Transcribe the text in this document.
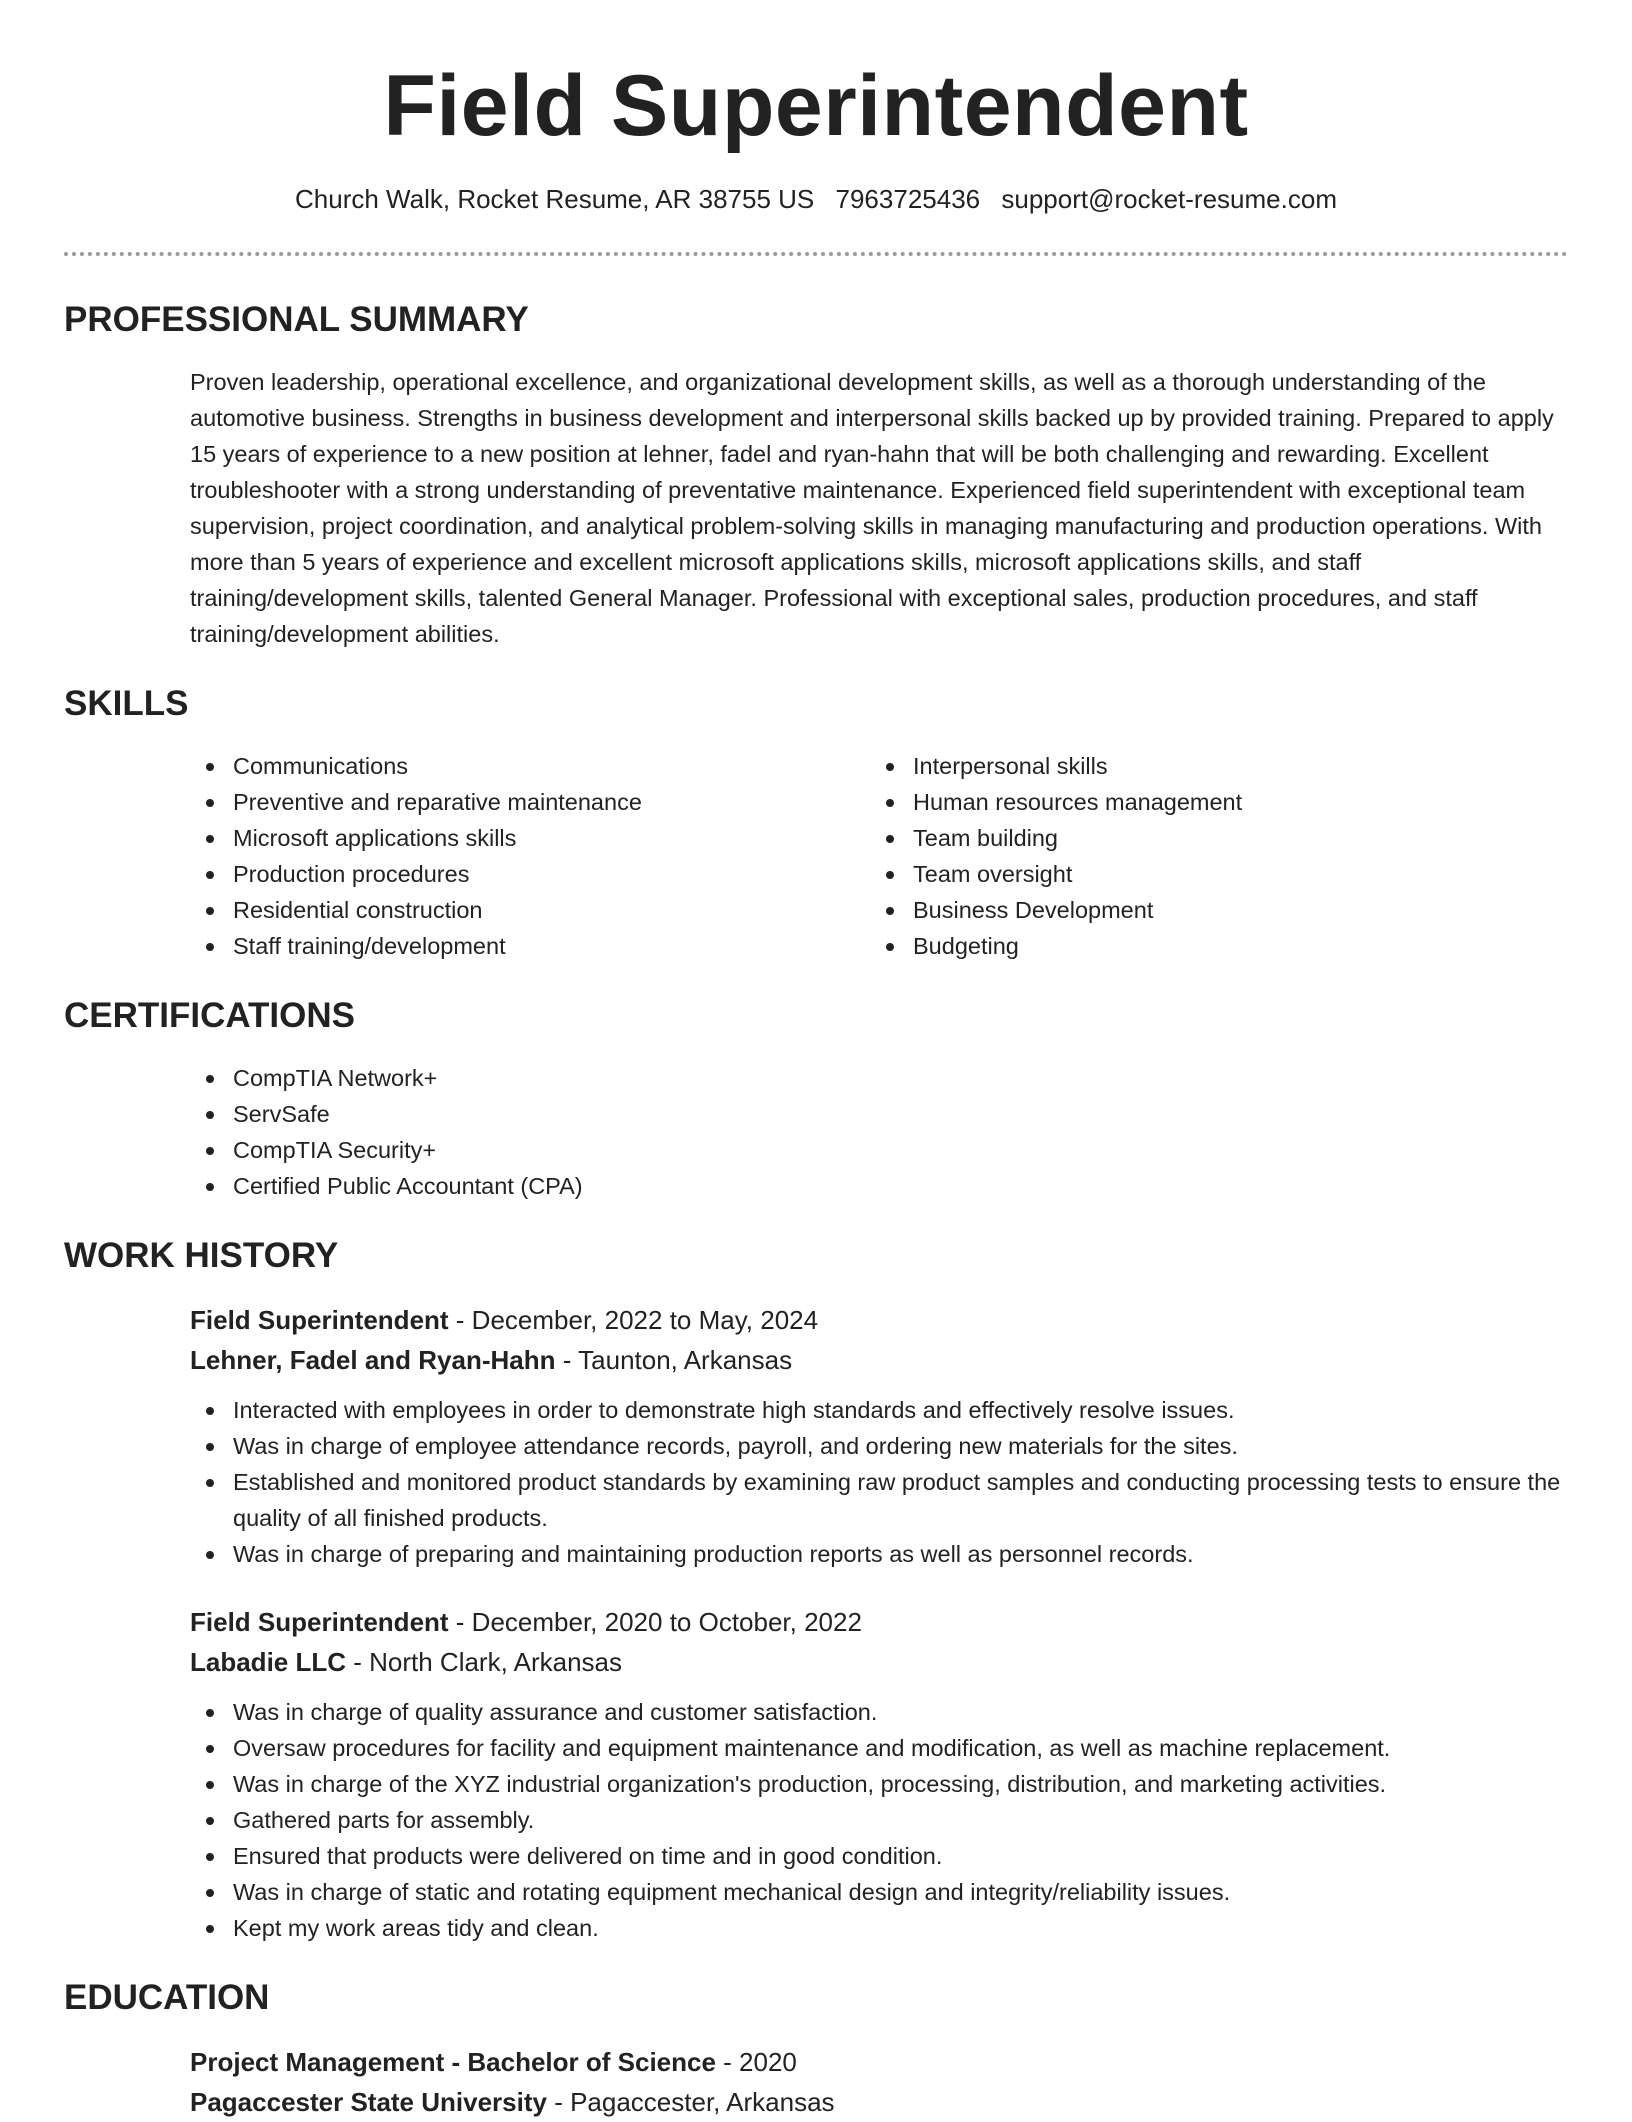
Field Superintendent
Church Walk, Rocket Resume, AR 38755 US 7963725436 support@rocket-resume.com
PROFESSIONAL SUMMARY
Proven leadership, operational excellence, and organizational development skills, as well as a thorough understanding of the automotive business. Strengths in business development and interpersonal skills backed up by provided training. Prepared to apply 15 years of experience to a new position at lehner, fadel and ryan-hahn that will be both challenging and rewarding. Excellent troubleshooter with a strong understanding of preventative maintenance. Experienced field superintendent with exceptional team supervision, project coordination, and analytical problem-solving skills in managing manufacturing and production operations. With more than 5 years of experience and excellent microsoft applications skills, microsoft applications skills, and staff training/development skills, talented General Manager. Professional with exceptional sales, production procedures, and staff training/development abilities.
SKILLS
Communications
Preventive and reparative maintenance
Microsoft applications skills
Production procedures
Residential construction
Staff training/development
Interpersonal skills
Human resources management
Team building
Team oversight
Business Development
Budgeting
CERTIFICATIONS
CompTIA Network+
ServSafe
CompTIA Security+
Certified Public Accountant (CPA)
WORK HISTORY
Field Superintendent - December, 2022 to May, 2024
Lehner, Fadel and Ryan-Hahn - Taunton, Arkansas
Interacted with employees in order to demonstrate high standards and effectively resolve issues.
Was in charge of employee attendance records, payroll, and ordering new materials for the sites.
Established and monitored product standards by examining raw product samples and conducting processing tests to ensure the quality of all finished products.
Was in charge of preparing and maintaining production reports as well as personnel records.
Field Superintendent - December, 2020 to October, 2022
Labadie LLC - North Clark, Arkansas
Was in charge of quality assurance and customer satisfaction.
Oversaw procedures for facility and equipment maintenance and modification, as well as machine replacement.
Was in charge of the XYZ industrial organization's production, processing, distribution, and marketing activities.
Gathered parts for assembly.
Ensured that products were delivered on time and in good condition.
Was in charge of static and rotating equipment mechanical design and integrity/reliability issues.
Kept my work areas tidy and clean.
EDUCATION
Project Management - Bachelor of Science - 2020
Pagaccester State University - Pagaccester, Arkansas
